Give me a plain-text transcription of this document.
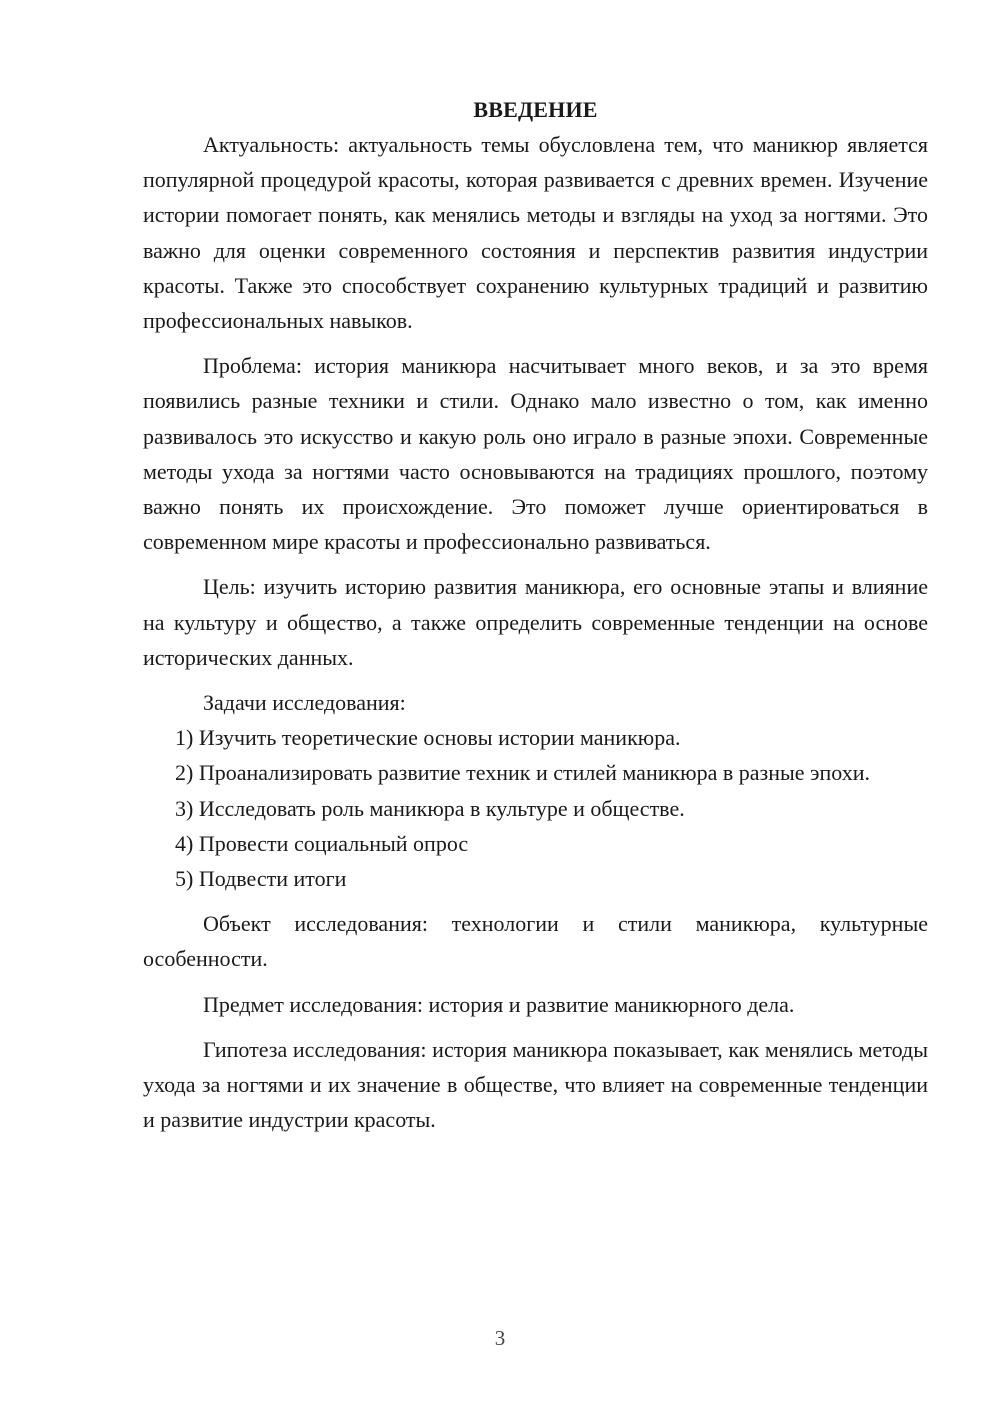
ВВЕДЕНИЕ

Актуальность: актуальность темы обусловлена тем, что маникюр является популярной процедурой красоты, которая развивается с древних времен. Изучение истории помогает понять, как менялись методы и взгляды на уход за ногтями. Это важно для оценки современного состояния и перспектив развития индустрии красоты. Также это способствует сохранению культурных традиций и развитию профессиональных навыков.

Проблема: история маникюра насчитывает много веков, и за это время появились разные техники и стили. Однако мало известно о том, как именно развивалось это искусство и какую роль оно играло в разные эпохи. Современные методы ухода за ногтями часто основываются на традициях прошлого, поэтому важно понять их происхождение. Это поможет лучше ориентироваться в современном мире красоты и профессионально развиваться.

Цель: изучить историю развития маникюра, его основные этапы и влияние на культуру и общество, а также определить современные тенденции на основе исторических данных.

Задачи исследования:

1) Изучить теоретические основы истории маникюра.

2) Проанализировать развитие техник и стилей маникюра в разные эпохи.

3) Исследовать роль маникюра в культуре и обществе.

4) Провести социальный опрос

5) Подвести итоги

Объект исследования: технологии и стили маникюра, культурные особенности.

Предмет исследования: история и развитие маникюрного дела.

Гипотеза исследования: история маникюра показывает, как менялись методы ухода за ногтями и их значение в обществе, что влияет на современные тенденции и развитие индустрии красоты.

3
